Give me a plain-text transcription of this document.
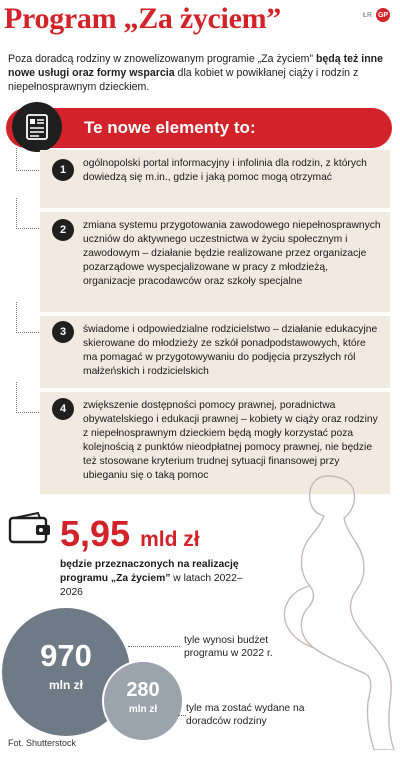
Program „Za życiem”	ŁR GP
Poza doradcą rodziny w znowelizowanym programie „Za życiem” będą też inne nowe usługi oraz formy wsparcia dla kobiet w powikłanej ciąży i rodzin z niepełnosprawnym dzieckiem.
Te nowe elementy to:
ogólnopolski portal informacyjny i infolinia dla rodzin, z których dowiedzą się m.in., gdzie i jaką pomoc mogą otrzymać
1
zmiana systemu przygotowania zawodowego niepełnosprawnych uczniów do aktywnego uczestnictwa w życiu społecznym i zawodowym – działanie będzie realizowane przez organizacje pozarządowe wyspecjalizowane w pracy z młodzieżą, organizacje pracodawców oraz szkoły specjalne
2
świadome i odpowiedzialne rodzicielstwo – działanie edukacyjne skierowane do młodzieży ze szkół ponadpodstawowych, które ma pomagać w przygotowywaniu do podjęcia przyszłych ról małżeńskich i rodzicielskich
3
zwiększenie dostępności pomocy prawnej, poradnictwa obywatelskiego i edukacji prawnej – kobiety w ciąży oraz rodziny z niepełnosprawnym dzieckiem będą mogły korzystać poza kolejnością z punktów nieodpłatnej pomocy prawnej, nie będzie też stosowane kryterium trudnej sytuacji finansowej przy ubieganiu się o taką pomoc
4
5,95 mld zł
będzie przeznaczonych na realizację programu „Za życiem” w latach 2022–2026
970
mln zł	280
mln zł
tyle wynosi budżet programu w 2022 r.
tyle ma zostać wydane na doradców rodziny
Fot. Shutterstock
